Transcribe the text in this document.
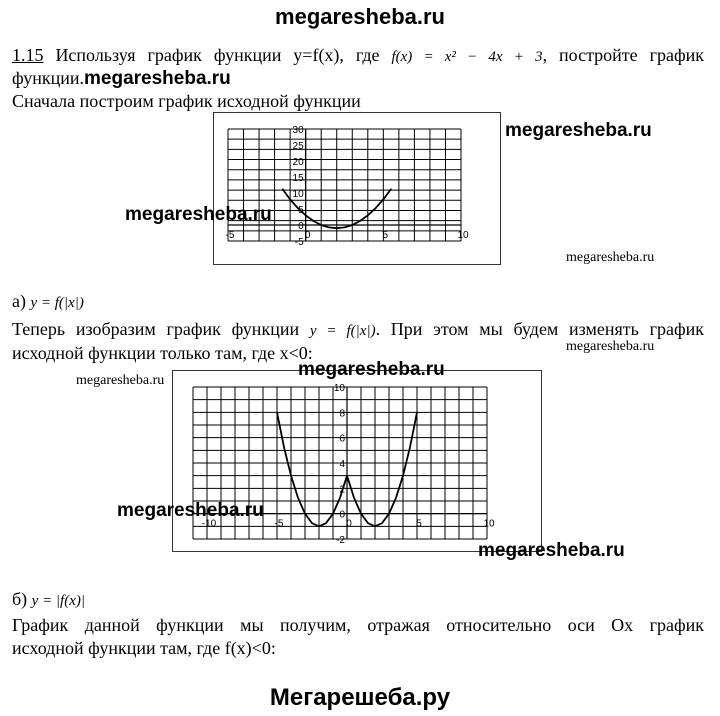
megaresheba.ru
1.15 Используя график функции y=f(x), где f(x) = x² − 4x + 3, постройте график
функции. megaresheba.ru
Сначала построим график исходной функции
-5	0	5	10
30
25
20
15
10
5
0
-5
megaresheba.ru
megaresheba.ru
megaresheba.ru
а) y = f(|x|)
Теперь изобразим график функции y = f(|x|). При этом мы будем изменять график
исходной функции только там, где x<0:	megaresheba.ru
megaresheba.ru
-10	-5	0	5	10
10
8
6
4
2
0
-2
megaresheba.ru
megaresheba.ru
megaresheba.ru
б) y = |f(x)|
График данной функции мы получим, отражая относительно оси Ox график
исходной функции там, где f(x)<0:
Мегарешеба.ру
